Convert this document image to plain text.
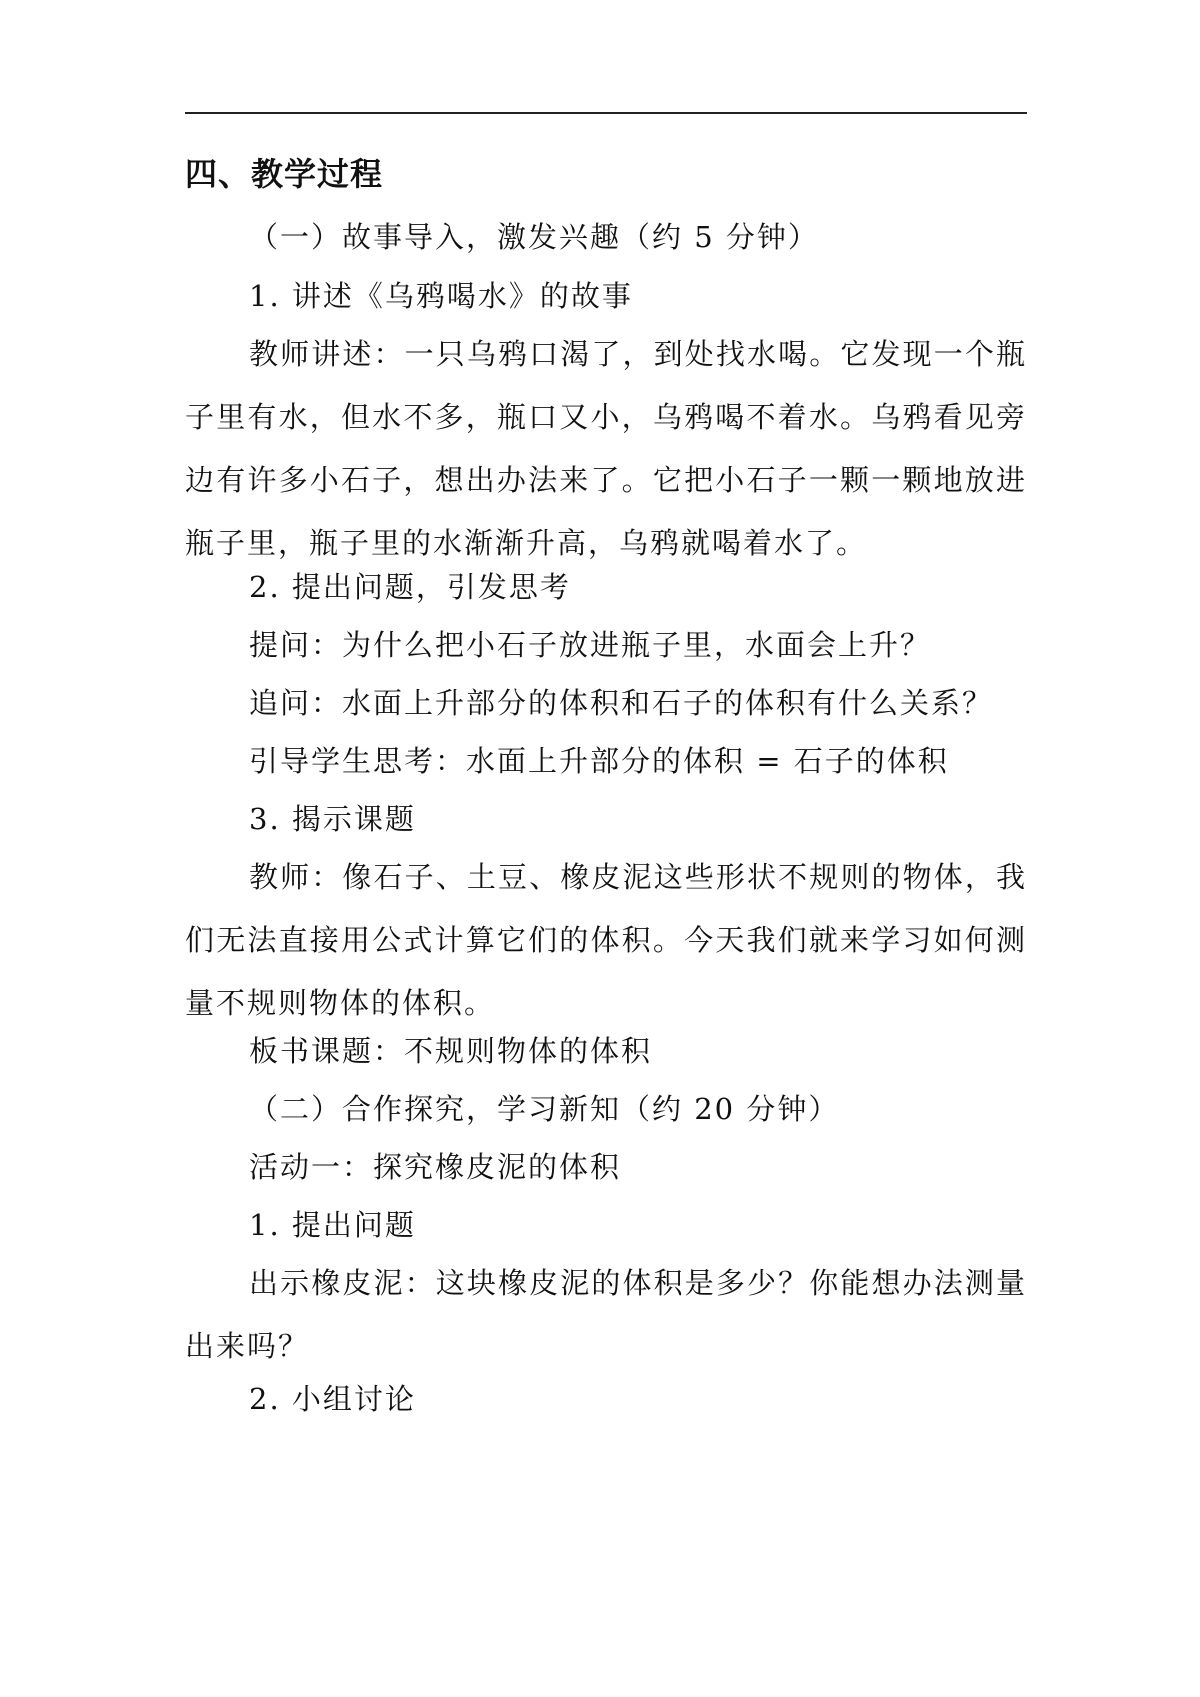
四、教学过程

（一）故事导入，激发兴趣（约 5 分钟）

1. 讲述《乌鸦喝水》的故事

教师讲述：一只乌鸦口渴了，到处找水喝。它发现一个瓶子里有水，但水不多，瓶口又小，乌鸦喝不着水。乌鸦看见旁边有许多小石子，想出办法来了。它把小石子一颗一颗地放进瓶子里，瓶子里的水渐渐升高，乌鸦就喝着水了。

2. 提出问题，引发思考

提问：为什么把小石子放进瓶子里，水面会上升？

追问：水面上升部分的体积和石子的体积有什么关系？

引导学生思考：水面上升部分的体积 = 石子的体积

3. 揭示课题

教师：像石子、土豆、橡皮泥这些形状不规则的物体，我们无法直接用公式计算它们的体积。今天我们就来学习如何测量不规则物体的体积。

板书课题：不规则物体的体积

（二）合作探究，学习新知（约 20 分钟）

活动一：探究橡皮泥的体积

1. 提出问题

出示橡皮泥：这块橡皮泥的体积是多少？你能想办法测量出来吗？

2. 小组讨论
